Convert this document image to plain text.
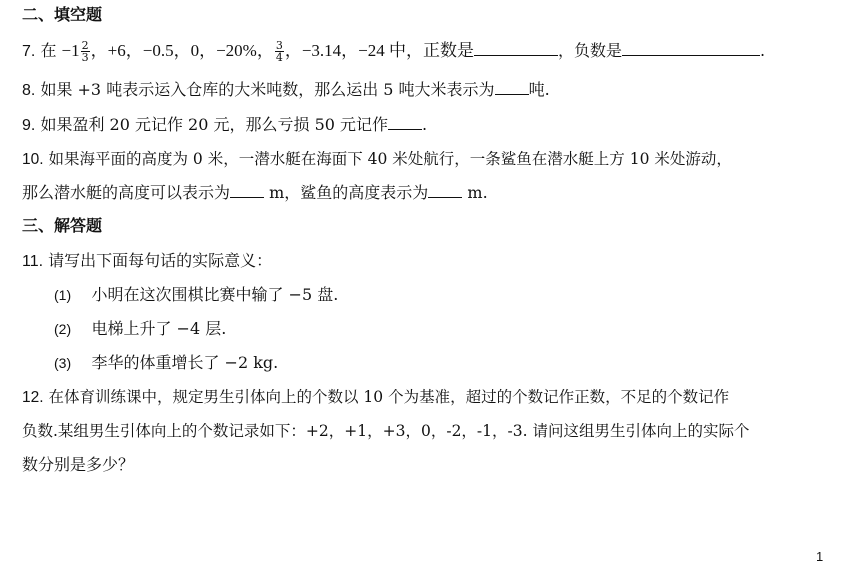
二、填空题
7. 在 $-1 \frac{2}{3}$ ，+6，−0.5，0，−20%， $\frac{3}{4}$ ，−3.14，−24 中，正数是	，负数是	.
8. 如果 +3 吨表示运入仓库的大米吨数，那么运出 5 吨大米表示为 吨.
9. 如果盈利 20 元记作 20 元，那么亏损 50 元记作 .
10. 如果海平面的高度为 0 米，一潜水艇在海面下 40 米处航行，一条鲨鱼在潜水艇上方 10 米处游动，
那么潜水艇的高度可以表示为 m，鲨鱼的高度表示为 m.
三、解答题
11. 请写出下面每句话的实际意义：
(1) 小明在这次围棋比赛中输了 −5 盘.
(2) 电梯上升了 −4 层.
(3) 李华的体重增长了 −2 kg.
12. 在体育训练课中，规定男生引体向上的个数以 10 个为基准，超过的个数记作正数，不足的个数记作
负数.某组男生引体向上的个数记录如下：+2，+1，+3，0，-2，-1，-3. 请问这组男生引体向上的实际个
数分别是多少？
1
